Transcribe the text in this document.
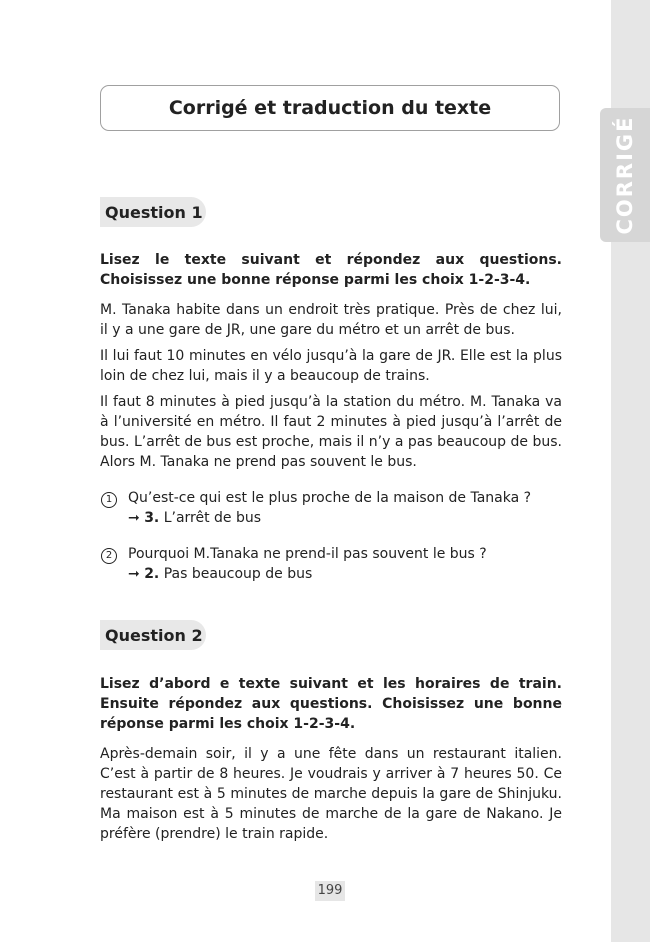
CORRIGÉ
Corrigé et traduction du texte
Question 1

Lisez le texte suivant et répondez aux questions. Choisissez une bonne réponse parmi les choix 1-2-3-4.

M. Tanaka habite dans un endroit très pratique. Près de chez lui, il y a une gare de JR, une gare du métro et un arrêt de bus.

Il lui faut 10 minutes en vélo jusqu’à la gare de JR. Elle est la plus loin de chez lui, mais il y a beaucoup de trains.

Il faut 8 minutes à pied jusqu’à la station du métro. M. Tanaka va à l’université en métro. Il faut 2 minutes à pied jusqu’à l’arrêt de bus. L’arrêt de bus est proche, mais il n’y a pas beaucoup de bus. Alors M. Tanaka ne prend pas souvent le bus.

1	Qu’est-ce qui est le plus proche de la maison de Tanaka ?
➞ 3. L’arrêt de bus
2	Pourquoi M.Tanaka ne prend-il pas souvent le bus ?
➞ 2. Pas beaucoup de bus
Question 2

Lisez d’abord e texte suivant et les horaires de train. Ensuite répondez aux questions. Choisissez une bonne réponse parmi les choix 1-2-3-4.

Après-demain soir, il y a une fête dans un restaurant italien. C’est à partir de 8 heures. Je voudrais y arriver à 7 heures 50. Ce restaurant est à 5 minutes de marche depuis la gare de Shinjuku. Ma maison est à 5 minutes de marche de la gare de Nakano. Je préfère (prendre) le train rapide.

199
